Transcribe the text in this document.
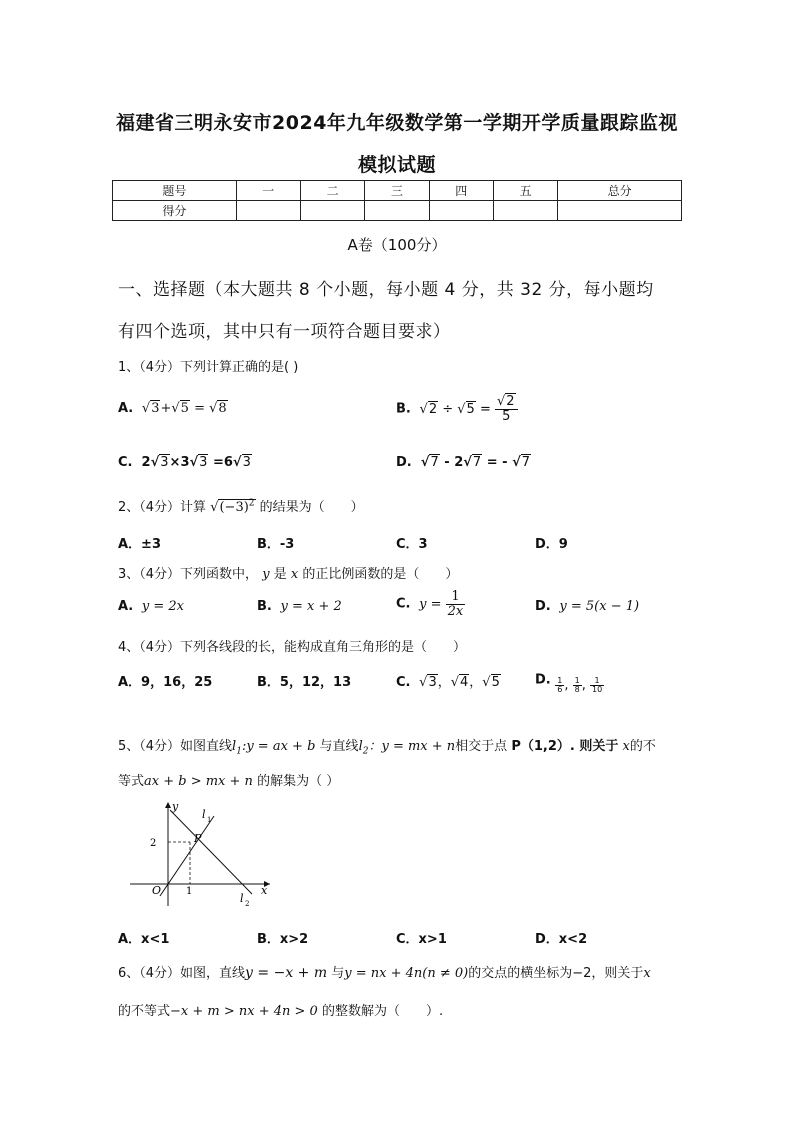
福建省三明永安市2024年九年级数学第一学期开学质量跟踪监视
模拟试题
题号	一	二	三	四	五	总分
得分						
A卷（100分）
一、选择题（本大题共 8 个小题，每小题 4 分，共 32 分，每小题均
有四个选项，其中只有一项符合题目要求）
1、（4分）下列计算正确的是( )
A.  √3+√5 = √8	B.  $√2 \div √5 = \frac{√2}{5}$
C.  2√3×3√3 =6√3	D.  √7 - 2√7 = - √7
2、（4分）计算 $√(-3)^2$ 的结果为（　　）
A．±3	B．-3	C．3	D．9
3、（4分）下列函数中， y 是 x 的正比例函数的是（　　）
A.  y = 2x	B.  y = x + 2	C.  $y = \frac{1}{2x}$	D.  y = 5(x − 1)
4、（4分）下列各线段的长，能构成直角三角形的是（　　）
A．9，16，25	B．5，12，13	C.  √3，√4，√5	D. $\frac{1}{6}$ , $\frac{1}{8}$ , $\frac{1}{10}$
5、（4分）如图直线$l_1:y$ = ax + b 与直线$l_2$：y = mx + n相交于点 P（1,2）. 则关于 x的不
等式ax + b > mx + n 的解集为（ ）
y
x
O 1
2	P
l 1
l 2
A．x<1	B．x>2	C．x>1	D．x<2
6、（4分）如图，直线y = −x + m 与y = nx + 4n(n ≠ 0)的交点的横坐标为−2，则关于x
的不等式−x + m > nx + 4n > 0 的整数解为（　　）.
